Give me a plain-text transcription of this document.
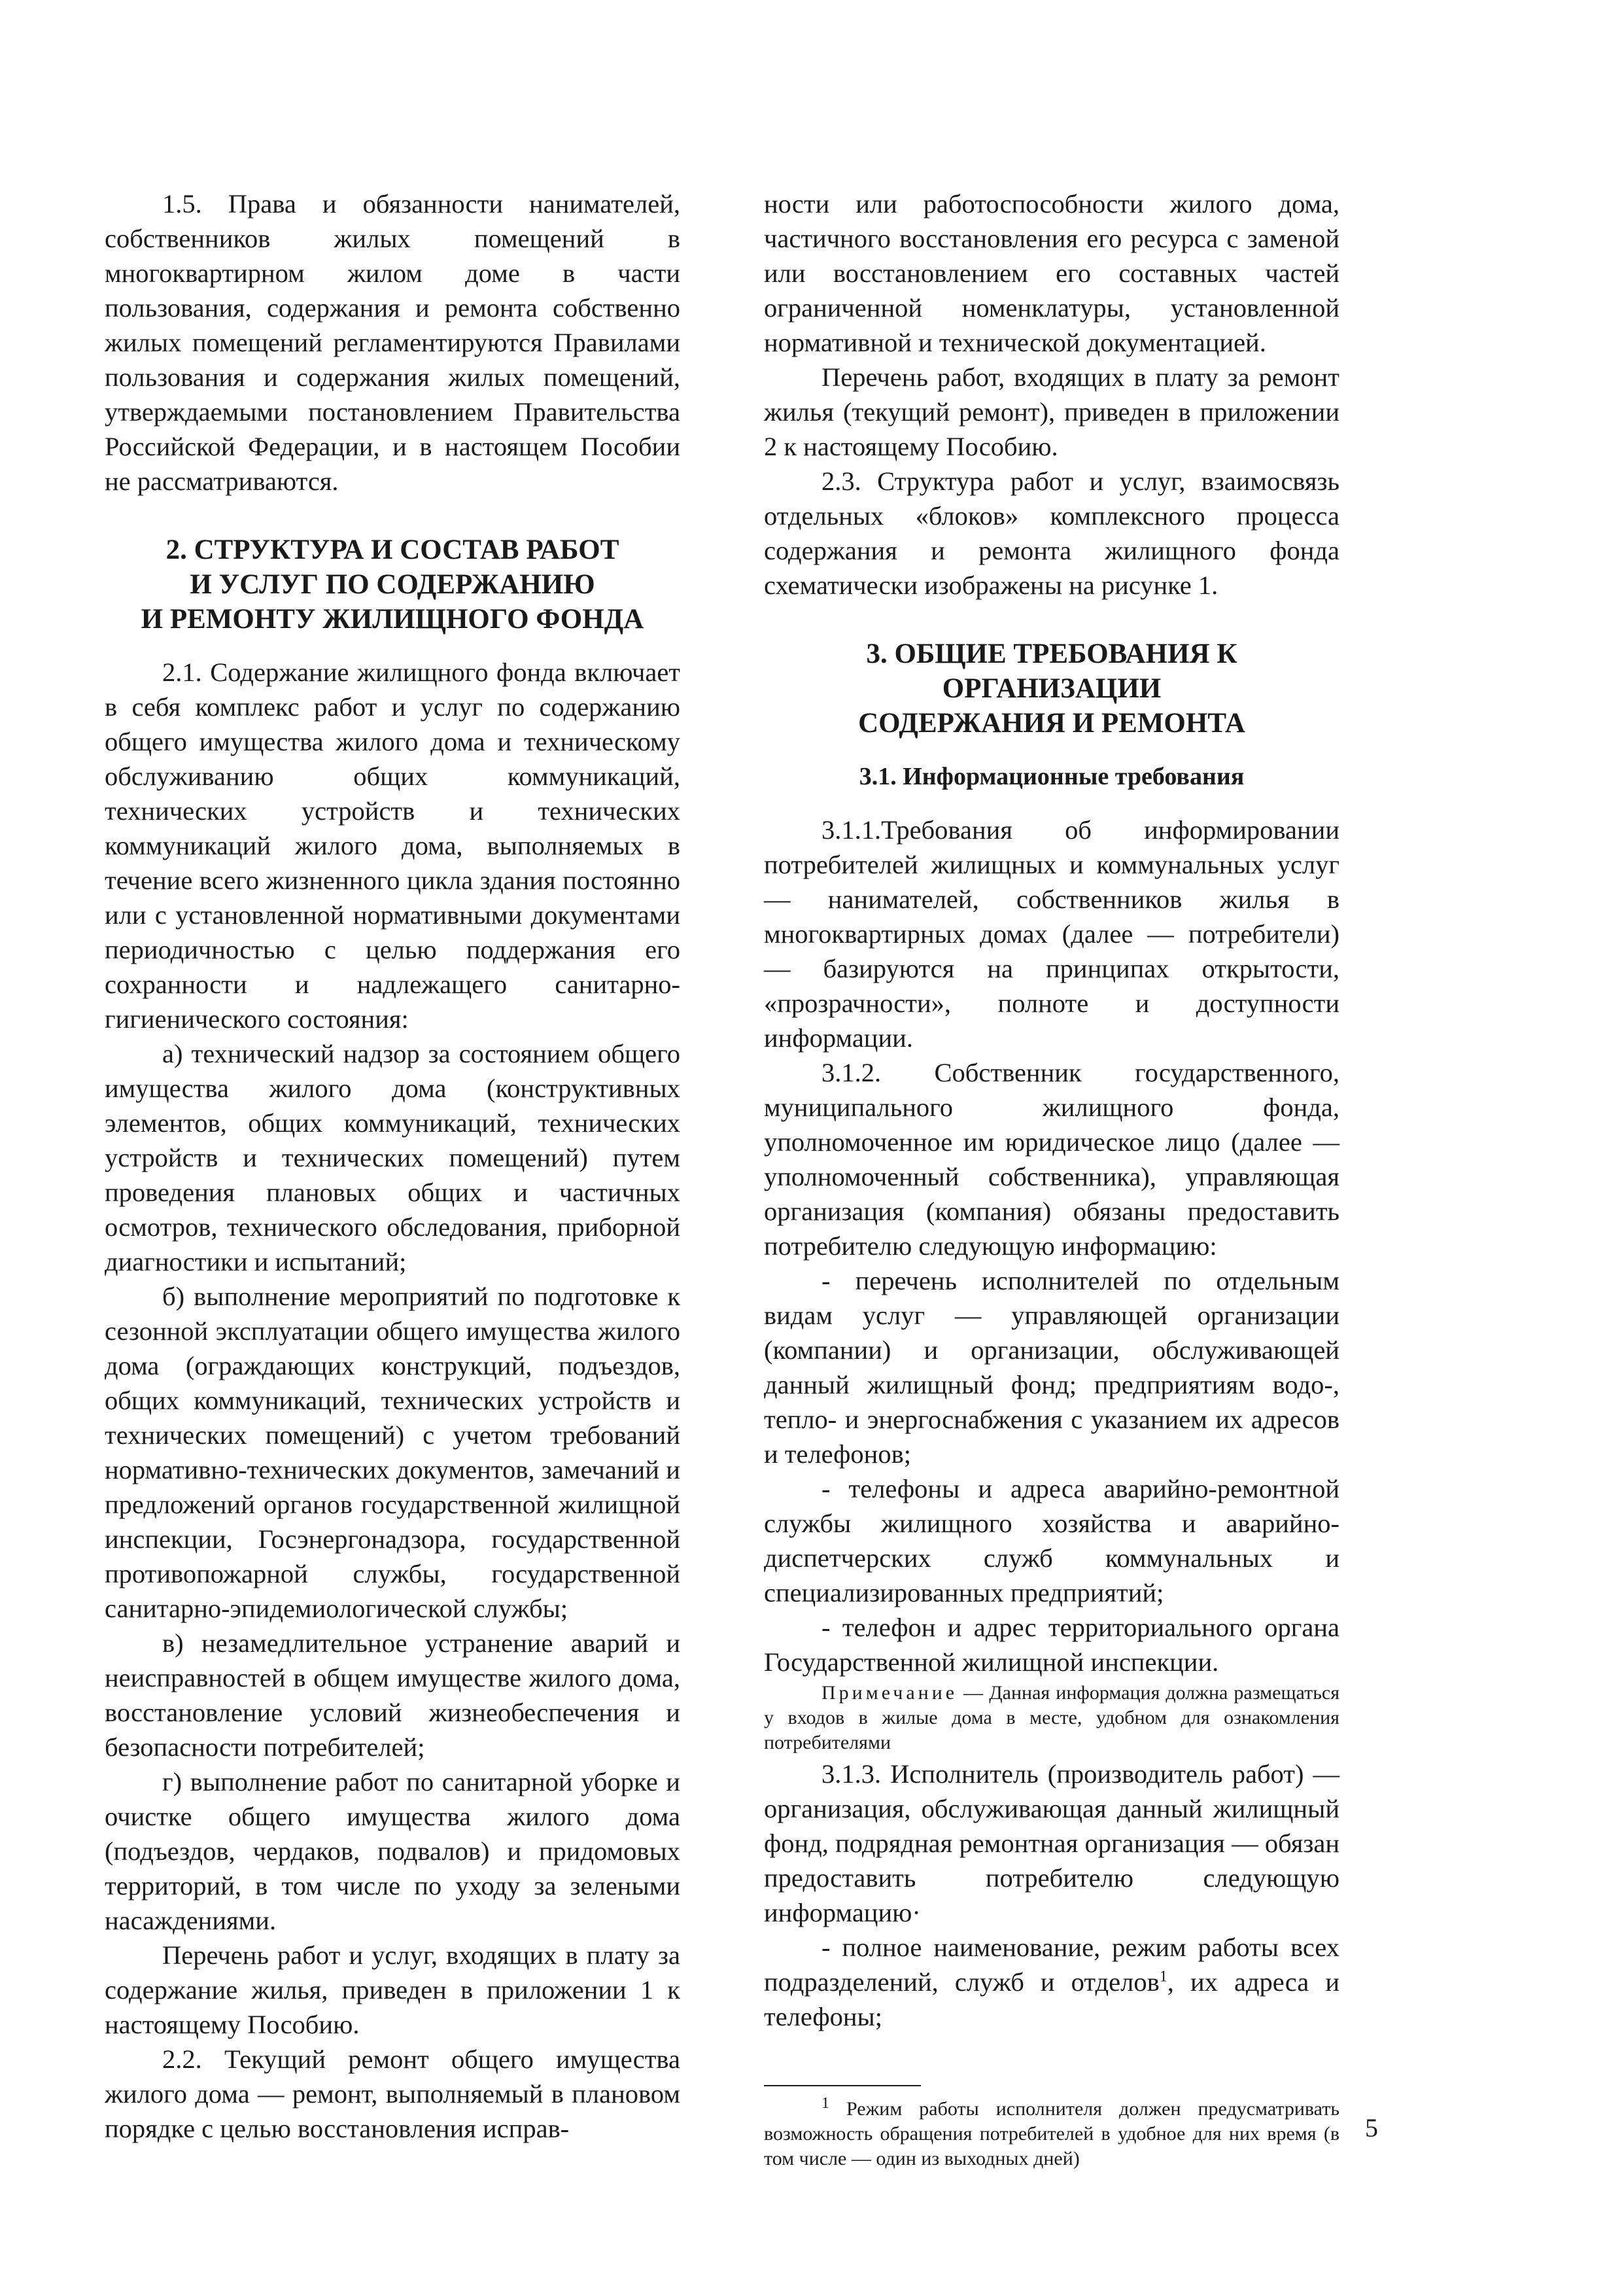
1.5. Права и обязанности нанимателей, собственников жилых помещений в многоквартирном жилом доме в части пользования, содержания и ремонта собственно жилых помещений регламентируются Правилами пользования и содержания жилых помещений, утверждаемыми постановлением Правительства Российской Федерации, и в настоящем Пособии не рассматриваются.

2. СТРУКТУРА И СОСТАВ РАБОТ
И УСЛУГ ПО СОДЕРЖАНИЮ
И РЕМОНТУ ЖИЛИЩНОГО ФОНДА

2.1. Содержание жилищного фонда включает в себя комплекс работ и услуг по содержанию общего имущества жилого дома и техническому обслуживанию общих коммуникаций, технических устройств и технических коммуникаций жилого дома, выполняемых в течение всего жизненного цикла здания постоянно или с установленной нормативными документами периодичностью с целью поддержания его сохранности и надлежащего санитарно-гигиенического состояния:

а) технический надзор за состоянием общего имущества жилого дома (конструктивных элементов, общих коммуникаций, технических устройств и технических помещений) путем проведения плановых общих и частичных осмотров, технического обследования, приборной диагностики и испытаний;

б) выполнение мероприятий по подготовке к сезонной эксплуатации общего имущества жилого дома (ограждающих конструкций, подъездов, общих коммуникаций, технических устройств и технических помещений) с учетом требований нормативно-технических документов, замечаний и предложений органов государственной жилищной инспекции, Госэнергонадзора, государственной противопожарной службы, государственной санитарно-эпидемиологической службы;

в) незамедлительное устранение аварий и неисправностей в общем имуществе жилого дома, восстановление условий жизнеобеспечения и безопасности потребителей;

г) выполнение работ по санитарной уборке и очистке общего имущества жилого дома (подъездов, чердаков, подвалов) и придомовых территорий, в том числе по уходу за зелеными насаждениями.

Перечень работ и услуг, входящих в плату за содержание жилья, приведен в приложении 1 к настоящему Пособию.

2.2. Текущий ремонт общего имущества жилого дома — ремонт, выполняемый в плановом порядке с целью восстановления исправ-

ности или работоспособности жилого дома, частичного восстановления его ресурса с заменой или восстановлением его составных частей ограниченной номенклатуры, установленной нормативной и технической документацией.

Перечень работ, входящих в плату за ремонт жилья (текущий ремонт), приведен в приложении 2 к настоящему Пособию.

2.3. Структура работ и услуг, взаимосвязь отдельных «блоков» комплексного процесса содержания и ремонта жилищного фонда схематически изображены на рисунке 1.

3. ОБЩИЕ ТРЕБОВАНИЯ К ОРГАНИЗАЦИИ
СОДЕРЖАНИЯ И РЕМОНТА
3.1. Информационные требования

3.1.1.Требования об информировании потребителей жилищных и коммунальных услуг — нанимателей, собственников жилья в многоквартирных домах (далее — потребители) — базируются на принципах открытости, «прозрачности», полноте и доступности информации.

3.1.2. Собственник государственного, муниципального жилищного фонда, уполномоченное им юридическое лицо (далее — уполномоченный собственника), управляющая организация (компания) обязаны предоставить потребителю следующую информацию:

- перечень исполнителей по отдельным видам услуг — управляющей организации (компании) и организации, обслуживающей данный жилищный фонд; предприятиям водо-, тепло- и энергоснабжения с указанием их адресов и телефонов;

- телефоны и адреса аварийно-ремонтной службы жилищного хозяйства и аварийно-диспетчерских служб коммунальных и специализированных предприятий;

- телефон и адрес территориального органа Государственной жилищной инспекции.

Примечание — Данная информация должна размещаться у входов в жилые дома в месте, удобном для ознакомления потребителями

3.1.3. Исполнитель (производитель работ) — организация, обслуживающая данный жилищный фонд, подрядная ремонтная организация — обязан предоставить потребителю следующую информацию·

- полное наименование, режим работы всех подразделений, служб и отделов$^1$, их адреса и телефоны;

$^1$ Режим работы исполнителя должен предусматривать возможность обращения потребителей в удобное для них время (в том числе — один из выходных дней)

5
